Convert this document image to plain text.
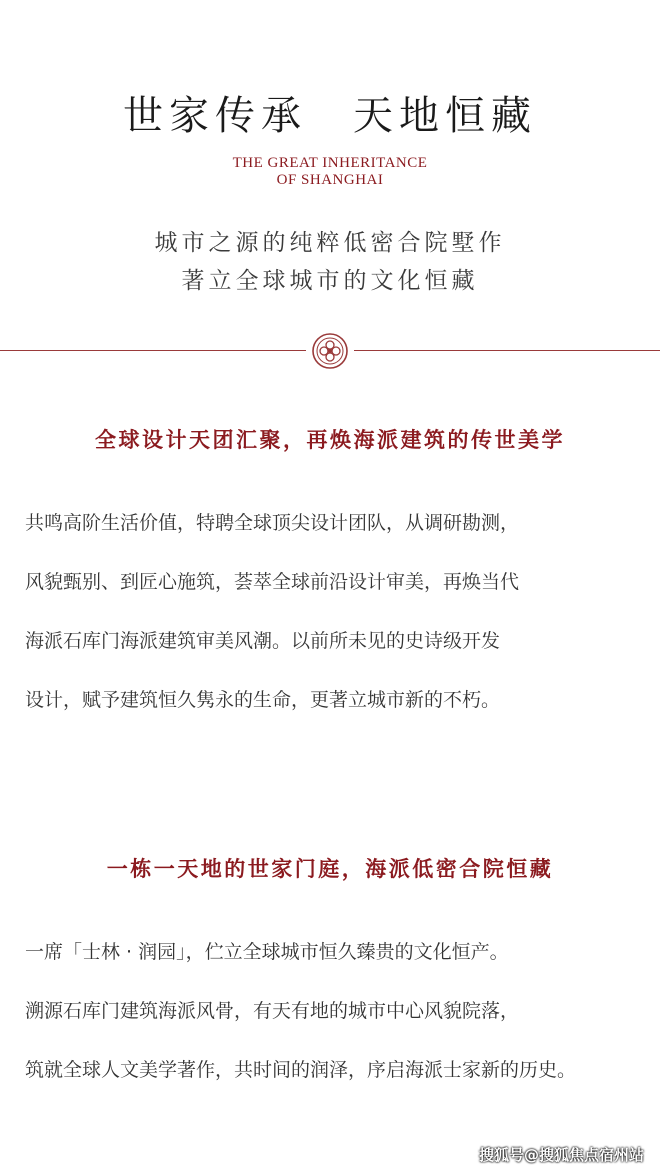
世家传承　天地恒藏
THE GREAT INHERITANCE
OF SHANGHAI
城市之源的纯粹低密合院墅作
著立全球城市的文化恒藏
全球设计天团汇聚，再焕海派建筑的传世美学
共鸣高阶生活价值，特聘全球顶尖设计团队，从调研勘测，
风貌甄别、到匠心施筑，荟萃全球前沿设计审美，再焕当代
海派石库门海派建筑审美风潮。以前所未见的史诗级开发
设计，赋予建筑恒久隽永的生命，更著立城市新的不朽。
一栋一天地的世家门庭，海派低密合院恒藏
一席「士林 · 润园」，伫立全球城市恒久臻贵的文化恒产。
溯源石库门建筑海派风骨，有天有地的城市中心风貌院落，
筑就全球人文美学著作，共时间的润泽，序启海派士家新的历史。
搜狐号@搜狐焦点宿州站
